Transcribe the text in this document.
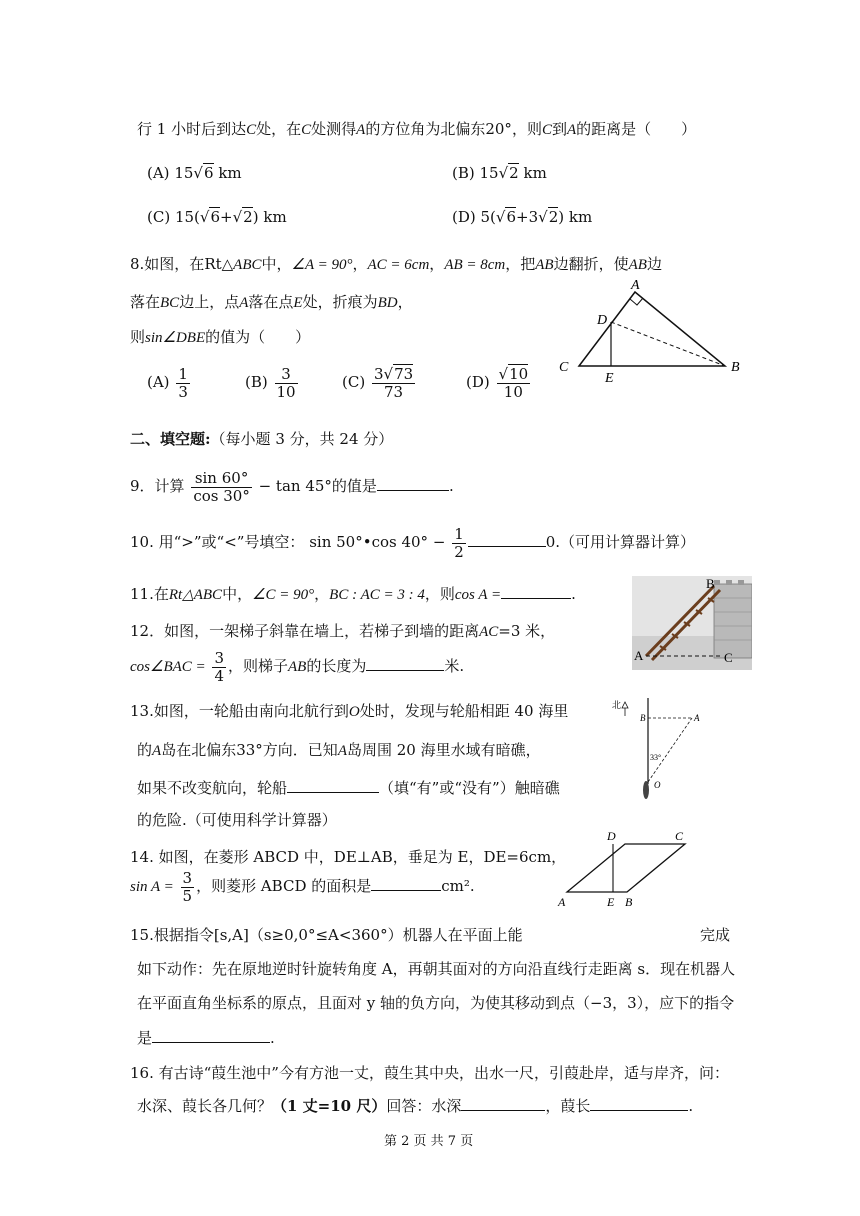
行 1 小时后到达C处，在C处测得A的方位角为北偏东20°，则C到A的距离是（　　）
(A) 15√6 km	(B) 15√2 km
(C) 15(√6+√2) km	(D) 5(√6+3√2) km
8.如图，在Rt△ABC中，∠A = 90°，AC = 6cm，AB = 8cm，把AB边翻折，使AB边
落在BC边上，点A落在点E处，折痕为BD，
则sin∠DBE的值为（　　）
$(A) \frac{1}{3}$	$(B) \frac{3}{10}$	$(C) \frac{3√73}{73}$	$(D) \frac{√10}{10}$
A
B
C
D
E
二、填空题:（每小题 3 分，共 24 分）
9．计算 $\frac{\sin 60^\circ}{\cos 30^\circ} - \tan 45^\circ$的值是	.
10. 用“>”或“<”号填空： sin 50°•cos $40^\circ - \frac{1}{2}$	0.（可用计算器计算）
11.在Rt△ABC中，∠C = 90°，BC : AC = 3 : 4，则cos A =	.
12．如图，一架梯子斜靠在墙上，若梯子到墙的距离AC=3 米，
cos∠BAC = $\frac{3}{4}$ ，则梯子AB的长度为	米.
A
B
C
13.如图，一轮船由南向北航行到O处时，发现与轮船相距 40 海里
的A岛在北偏东33°方向．已知A岛周围 20 海里水域有暗礁，
如果不改变航向，轮船	（填“有”或“没有”）触暗礁
的危险.（可使用科学计算器）
北
B	A
33°
O
14. 如图，在菱形 ABCD 中，DE⊥AB，垂足为 E，DE=6cm，
$\sin A = \frac{3}{5}$ ，则菱形 ABCD 的面积是	cm².
A	B
C
D
E
15.根据指令[s,A]（s≥0,0°≤A<360°）机器人在平面上能	完成
如下动作：先在原地逆时针旋转角度 A，再朝其面对的方向沿直线行走距离 s．现在机器人
在平面直角坐标系的原点，且面对 y 轴的负方向，为使其移动到点（−3，3），应下的指令
是	.
16. 有古诗“葭生池中”今有方池一丈，葭生其中央，出水一尺，引葭赴岸，适与岸齐，问：
水深、葭长各几何？（1 丈=10 尺）回答：水深	，葭长	.
第 2 页 共 7 页
